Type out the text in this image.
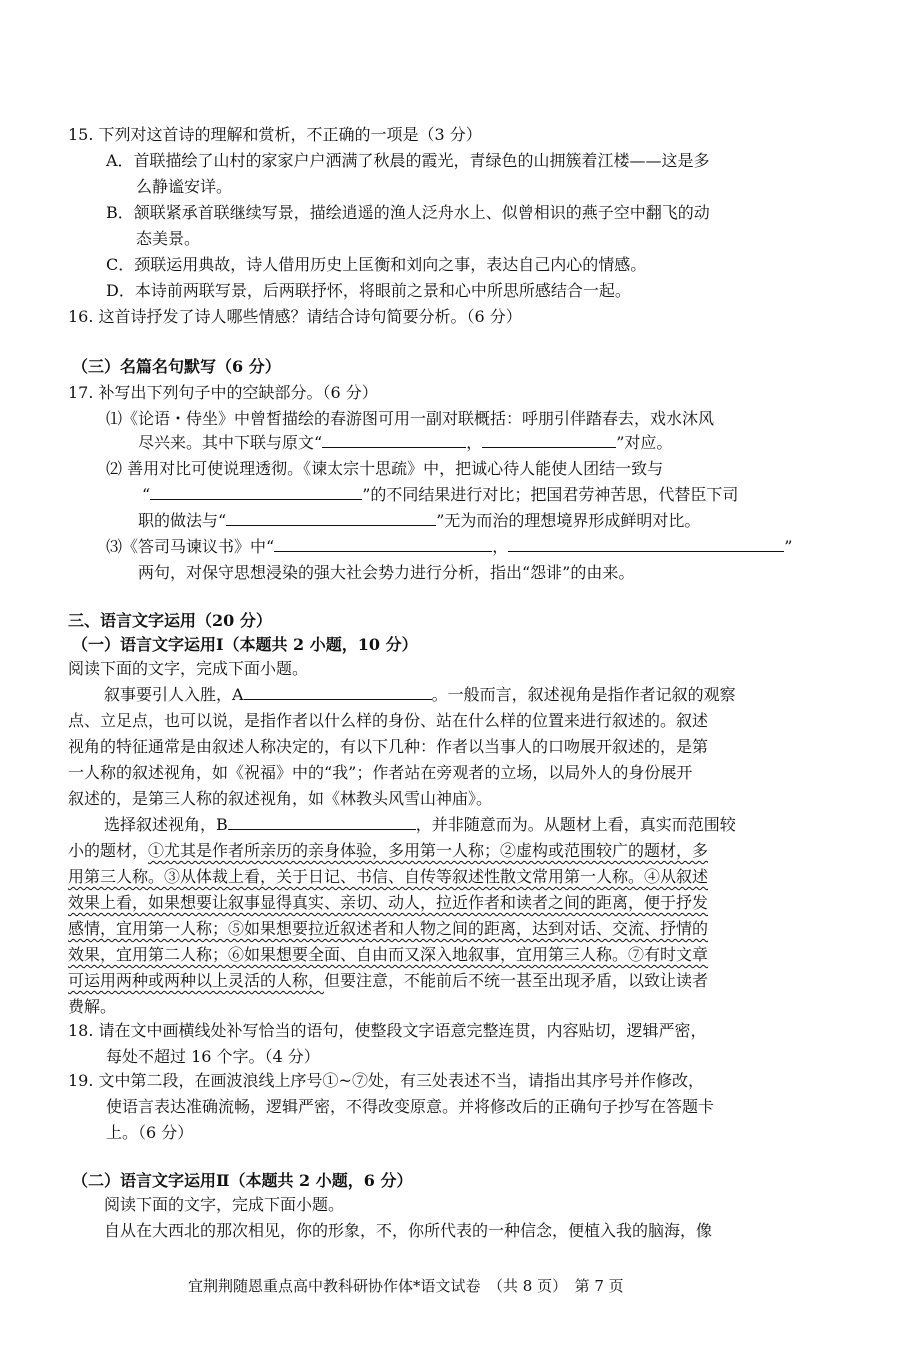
15. 下列对这首诗的理解和赏析，不正确的一项是（3 分）
A．首联描绘了山村的家家户户洒满了秋晨的霞光，青绿色的山拥簇着江楼——这是多
么静谧安详。
B．颔联紧承首联继续写景，描绘逍遥的渔人泛舟水上、似曾相识的燕子空中翻飞的动
态美景。
C．颈联运用典故，诗人借用历史上匡衡和刘向之事，表达自己内心的情感。
D．本诗前两联写景，后两联抒怀，将眼前之景和心中所思所感结合一起。
16. 这首诗抒发了诗人哪些情感？请结合诗句简要分析。（6 分）
（三）名篇名句默写（6 分）
17. 补写出下列句子中的空缺部分。（6 分）
⑴《论语・侍坐》中曾皙描绘的春游图可用一副对联概括：呼朋引伴踏春去，戏水沐风
尽兴来。其中下联与原文“	，	”对应。
⑵ 善用对比可使说理透彻。《谏太宗十思疏》中，把诚心待人能使人团结一致与
“	”的不同结果进行对比；把国君劳神苦思，代替臣下司
职的做法与“	”无为而治的理想境界形成鲜明对比。
⑶《答司马谏议书》中“	，	”
两句，对保守思想浸染的强大社会势力进行分析，指出“怨诽”的由来。
三、语言文字运用（20 分）
（一）语言文字运用Ⅰ（本题共 2 小题，10 分）
阅读下面的文字，完成下面小题。
叙事要引人入胜，A	。一般而言，叙述视角是指作者记叙的观察
点、立足点，也可以说，是指作者以什么样的身份、站在什么样的位置来进行叙述的。叙述
视角的特征通常是由叙述人称决定的，有以下几种：作者以当事人的口吻展开叙述的，是第
一人称的叙述视角，如《祝福》中的“我”；作者站在旁观者的立场，以局外人的身份展开
叙述的，是第三人称的叙述视角，如《林教头风雪山神庙》。
选择叙述视角，B	，并非随意而为。从题材上看，真实而范围较
小的题材，①尤其是作者所亲历的亲身体验，多用第一人称；②虚构或范围较广的题材，多
用第三人称。③从体裁上看，关于日记、书信、自传等叙述性散文常用第一人称。④从叙述
效果上看，如果想要让叙事显得真实、亲切、动人，拉近作者和读者之间的距离，便于抒发
感情，宜用第一人称；⑤如果想要拉近叙述者和人物之间的距离，达到对话、交流、抒情的
效果，宜用第二人称；⑥如果想要全面、自由而又深入地叙事，宜用第三人称。⑦有时文章
可运用两种或两种以上灵活的人称，但要注意，不能前后不统一甚至出现矛盾，以致让读者
费解。
18. 请在文中画横线处补写恰当的语句，使整段文字语意完整连贯，内容贴切，逻辑严密，
每处不超过 16 个字。（4 分）
19. 文中第二段，在画波浪线上序号①~⑦处，有三处表述不当，请指出其序号并作修改，
使语言表达准确流畅，逻辑严密，不得改变原意。并将修改后的正确句子抄写在答题卡
上。（6 分）
（二）语言文字运用Ⅱ（本题共 2 小题，6 分）
阅读下面的文字，完成下面小题。
自从在大西北的那次相见，你的形象，不，你所代表的一种信念，便植入我的脑海，像
宜荆荆随恩重点高中教科研协作体*语文试卷　（共 8 页）　第 7 页
